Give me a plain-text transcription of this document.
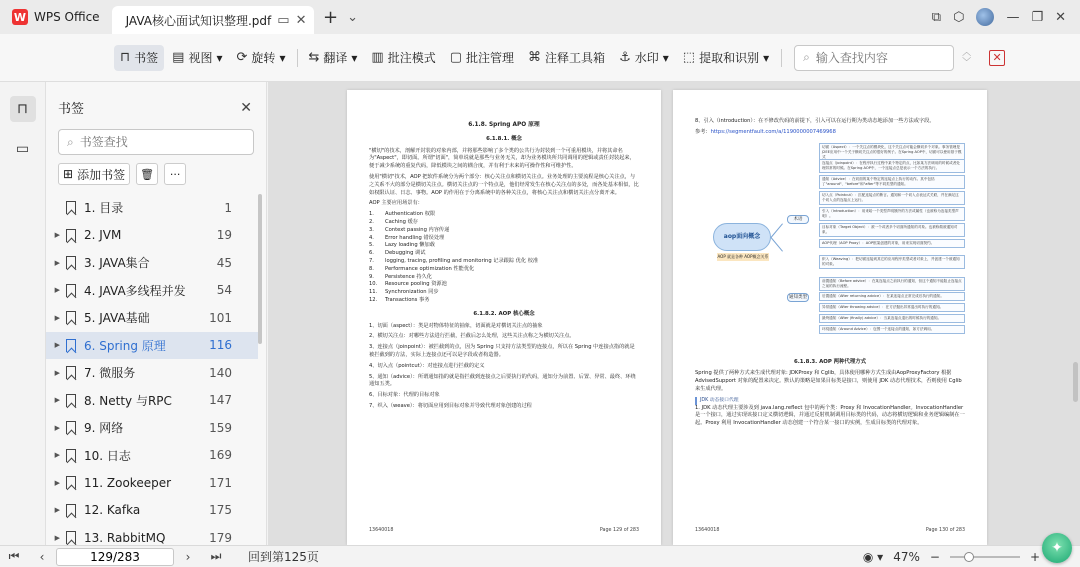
W WPS Office JAVA核心面试知识整理.pdf ▭ ✕ + ⌄	⧉ ⬡	— ❐ ✕
⊓ 书签 ▤ 视图 ▾ ⟳ 旋转 ▾ ⇆ 翻译 ▾ ▥ 批注模式 ▢ 批注管理 ⌘ 注释工具箱 ⚓ 水印 ▾ ⬚ 提取和识别 ▾	⌕
输入查找内容	︿
﹀	✕
⊓
▭
书签	✕
⌕
书签查找
⊞ 添加书签	🗑	···
1. 目录	1
▶ 2. JVM	19
▶ 3. JAVA集合	45
▶ 4. JAVA多线程并发	54
▶ 5. JAVA基础	101
▶ 6. Spring 原理	116
▶ 7. 微服务	140
▶ 8. Netty 与RPC	147
▶ 9. 网络	159
▶ 10. 日志	169
▶ 11. Zookeeper	171
▶ 12. Kafka	175
▶ 13. RabbitMQ	179
6.1.8. Spring APO 原理
6.1.8.1. 概念

"横切"的技术，剖解开封装的对象内部，并将那些影响了多个类的公共行为封装到一个可重用模块，并将其命名为"Aspect"，即切面。所谓"切面"，简单说就是那些与业务无关，却为业务模块所共同调用的逻辑或责任封装起来，便于减少系统的重复代码，降低模块之间的耦合度，并有利于未来的可操作性和可维护性。

使用"横切"技术，AOP 把软件系统分为两个部分：核心关注点和横切关注点。业务处理的主要流程是核心关注点，与之关系不大的部分是横切关注点。横切关注点的一个特点是，他们经常发生在核心关注点的多处，而各处基本相似，比如权限认证、日志、事物。AOP 的作用在于分离系统中的各种关注点，将核心关注点和横切关注点分离开来。

AOP 主要应用场景有：

1.	Authentication 权限
2.	Caching 缓存
3.	Context passing 内容传递
4.	Error handling 错误处理
5.	Lazy loading 懒加载
6.	Debugging 调试
7.	logging, tracing, profiling and monitoring 记录跟踪 优化 校准
8.	Performance optimization 性能优化
9.	Persistence 持久化
10.	Resource pooling 资源池
11.	Synchronization 同步
12.	Transactions 事务
6.1.8.2. AOP 核心概念

1、切面（aspect）：类是对物体特征的抽象，切面就是对横切关注点的抽象

2、横切关注点：对哪些方法进行拦截，拦截后怎么处理，这些关注点称之为横切关注点。

3、连接点（joinpoint）：被拦截到的点，因为 Spring 只支持方法类型的连接点，所以在 Spring 中连接点指的就是被拦截到的方法，实际上连接点还可以是字段或者构造器。

4、切入点（pointcut）：对连接点进行拦截的定义

5、通知（advice）：所谓通知指的就是指拦截到连接点之后要执行的代码，通知分为前置、后置、异常、最终、环绕通知五类。

6、目标对象：代理的目标对象

7、织入（weave）：将切面应用到目标对象并导致代理对象创建的过程

13640018	Page 129 of 283

8、引入（introduction）：在不修改代码的前提下，引入可以在运行期为类动态地添加一些方法或字段。

参考：https://segmentfault.com/a/1190000007469968

aop面向概念
AOP 就是各种 AOP概念关系
术语
通知类型
切面（Aspect）：一个关注点的模块化，这个关注点可能会横切多个对象。事务管理是 J2EE应用中一个关于横切关注点的很好的例子。在Spring AOP中，切面可以使用基于模式
连接点（Joinpoint）：在程序执行过程中某个特定的点，比如某方法调用的时候或者处理异常的时候。在Spring AOP中，一个连接点总是表示一个方法的执行。
通知（Advice）：在切面的某个特定的连接点上执行的动作。其中包括了"around"、"before"和"after"等不同类型的通知。
切入点（Pointcut）：匹配连接点的断言。通知和一个切入点表达式关联，并在满足这个切入点的连接点上运行。
引入（Introduction）：用来给一个类型声明额外的方法或属性（也被称为连接类型声明）。
目标对象（Target Object）：被一个或者多个切面所通知的对象。也被称做被通知对象。
AOP代理（AOP Proxy）：AOP框架创建的对象，用来实现切面契约。
织入（Weaving）：把切面连接到其它的应用程序类型或者对象上，并创建一个被通知的对象。
前置通知（Before advice）：在某连接点之前执行的通知，但这个通知不能阻止连接点之前的执行流程。
后置通知（After returning advice）：在某连接点正常完成后执行的通知。
异常通知（After throwing advice）：在方法抛出异常退出时执行的通知。
最终通知（After (finally) advice）：当某连接点退出的时候执行的通知。
环绕通知（Around Advice）：包围一个连接点的通知，如方法调用。
6.1.8.3. AOP 两种代理方式

Spring 提供了两种方式来生成代理对象: JDKProxy 和 Cglib，具体使用哪种方式生成由AopProxyFactory 根据 AdvisedSupport 对象的配置来决定。默认的策略是如果目标类是接口，则使用 JDK 动态代理技术，否则使用 Cglib 来生成代理。

JDK 动态接口代理

1. JDK 动态代理主要涉及到 java.lang.reflect 包中的两个类：Proxy 和 InvocationHandler。InvocationHandler 是一个接口，通过实现该接口定义横切逻辑，并通过反射机制调用目标类的代码，动态将横切逻辑和业务逻辑编制在一起。Proxy 利用 InvocationHandler 动态创建一个符合某一接口的实例，生成目标类的代理对象。

13640018	Page 130 of 283
⏮	‹
129/283	›	⏭	回到第125页	◉ ▾ 47% −	+
✦
